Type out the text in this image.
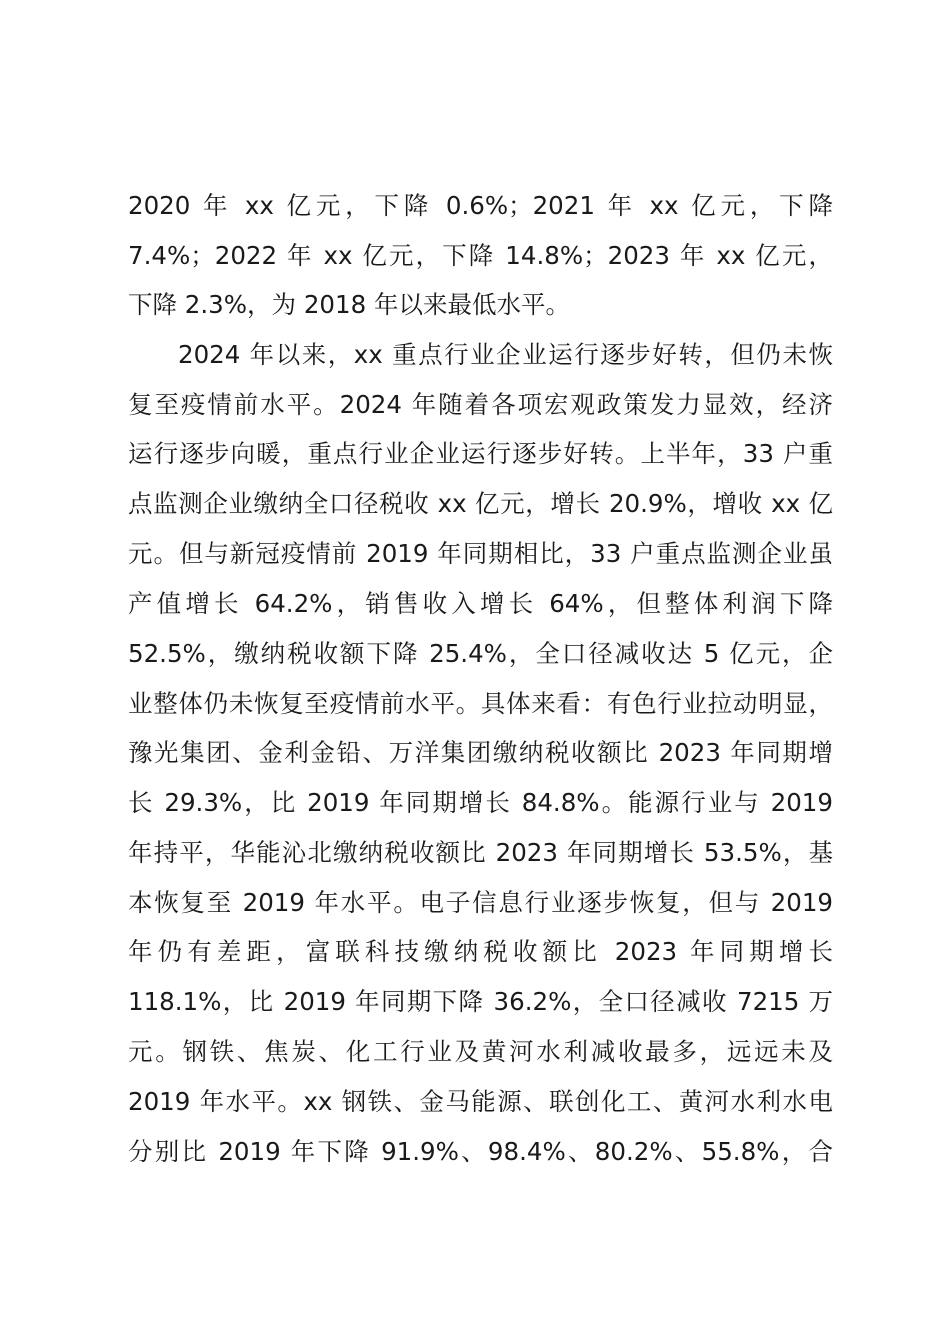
2020 年 xx 亿元，下降 0.6%；2021 年 xx 亿元，下降
7.4%；2022 年 xx 亿元，下降 14.8%；2023 年 xx 亿元，
下降 2.3%，为 2018 年以来最低水平。
2024 年以来，xx 重点行业企业运行逐步好转，但仍未恢
复至疫情前水平。2024 年随着各项宏观政策发力显效，经济
运行逐步向暖，重点行业企业运行逐步好转。上半年，33 户重
点监测企业缴纳全口径税收 xx 亿元，增长 20.9%，增收 xx 亿
元。但与新冠疫情前 2019 年同期相比，33 户重点监测企业虽
产值增长 64.2%，销售收入增长 64%，但整体利润下降
52.5%，缴纳税收额下降 25.4%，全口径减收达 5 亿元，企
业整体仍未恢复至疫情前水平。具体来看：有色行业拉动明显，
豫光集团、金利金铅、万洋集团缴纳税收额比 2023 年同期增
长 29.3%，比 2019 年同期增长 84.8%。能源行业与 2019
年持平，华能沁北缴纳税收额比 2023 年同期增长 53.5%，基
本恢复至 2019 年水平。电子信息行业逐步恢复，但与 2019
年仍有差距，富联科技缴纳税收额比 2023 年同期增长
118.1%，比 2019 年同期下降 36.2%，全口径减收 7215 万
元。钢铁、焦炭、化工行业及黄河水利减收最多，远远未及
2019 年水平。xx 钢铁、金马能源、联创化工、黄河水利水电
分别比 2019 年下降 91.9%、98.4%、80.2%、55.8%，合
